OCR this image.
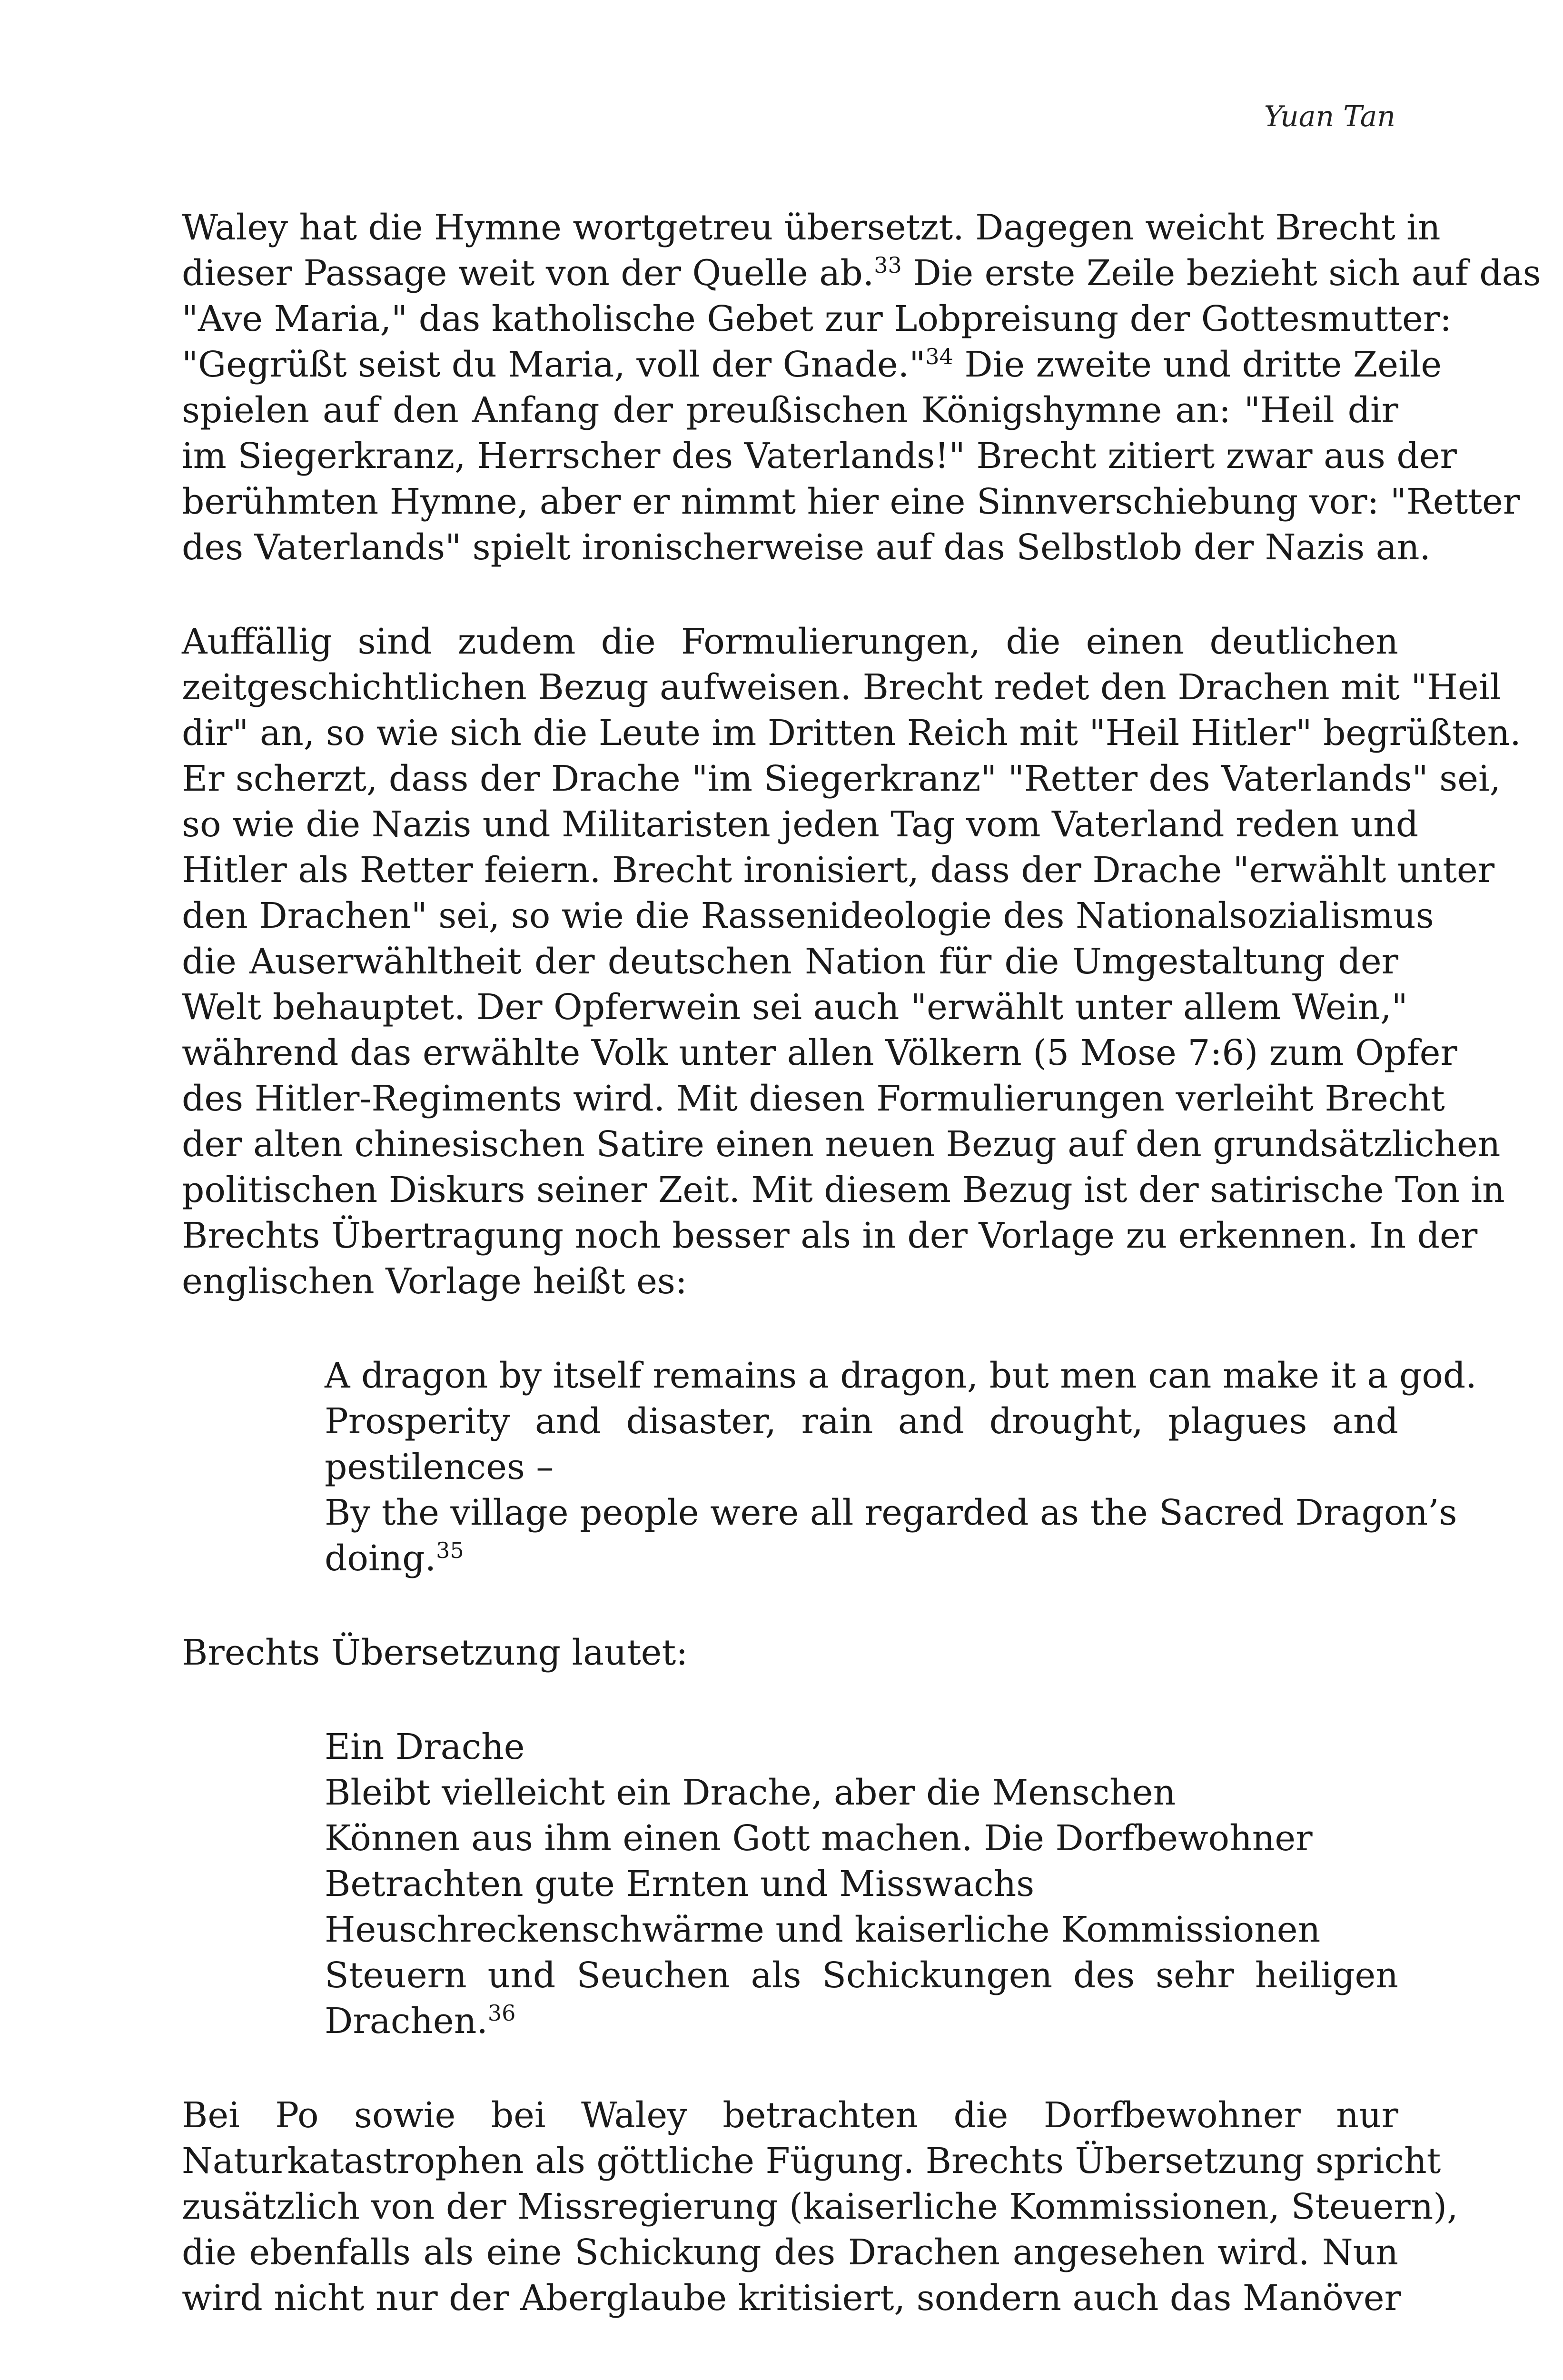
Yuan Tan
Waley hat die Hymne wortgetreu übersetzt. Dagegen weicht Brecht in
dieser Passage weit von der Quelle ab.$^{33}$ Die erste Zeile bezieht sich auf das
"Ave Maria," das katholische Gebet zur Lobpreisung der Gottesmutter:
"Gegrüßt seist du Maria, voll der Gnade."$^{34}$ Die zweite und dritte Zeile
spielen auf den Anfang der preußischen Königshymne an: "Heil dir
im Siegerkranz, Herrscher des Vaterlands!" Brecht zitiert zwar aus der
berühmten Hymne, aber er nimmt hier eine Sinnverschiebung vor: "Retter
des Vaterlands" spielt ironischerweise auf das Selbstlob der Nazis an.
Auffällig sind zudem die Formulierungen, die einen deutlichen
zeitgeschichtlichen Bezug aufweisen. Brecht redet den Drachen mit "Heil
dir" an, so wie sich die Leute im Dritten Reich mit "Heil Hitler" begrüßten.
Er scherzt, dass der Drache "im Siegerkranz" "Retter des Vaterlands" sei,
so wie die Nazis und Militaristen jeden Tag vom Vaterland reden und
Hitler als Retter feiern. Brecht ironisiert, dass der Drache "erwählt unter
den Drachen" sei, so wie die Rassenideologie des Nationalsozialismus
die Auserwähltheit der deutschen Nation für die Umgestaltung der
Welt behauptet. Der Opferwein sei auch "erwählt unter allem Wein,"
während das erwählte Volk unter allen Völkern (5 Mose 7:6) zum Opfer
des Hitler-Regiments wird. Mit diesen Formulierungen verleiht Brecht
der alten chinesischen Satire einen neuen Bezug auf den grundsätzlichen
politischen Diskurs seiner Zeit. Mit diesem Bezug ist der satirische Ton in
Brechts Übertragung noch besser als in der Vorlage zu erkennen. In der
englischen Vorlage heißt es:
A dragon by itself remains a dragon, but men can make it a god.
Prosperity and disaster, rain and drought, plagues and
pestilences –
By the village people were all regarded as the Sacred Dragon’s
doing.$^{35}$
Brechts Übersetzung lautet:
Ein Drache
Bleibt vielleicht ein Drache, aber die Menschen
Können aus ihm einen Gott machen. Die Dorfbewohner
Betrachten gute Ernten und Misswachs
Heuschreckenschwärme und kaiserliche Kommissionen
Steuern und Seuchen als Schickungen des sehr heiligen
Drachen.$^{36}$
Bei Po sowie bei Waley betrachten die Dorfbewohner nur
Naturkatastrophen als göttliche Fügung. Brechts Übersetzung spricht
zusätzlich von der Missregierung (kaiserliche Kommissionen, Steuern),
die ebenfalls als eine Schickung des Drachen angesehen wird. Nun
wird nicht nur der Aberglaube kritisiert, sondern auch das Manöver
